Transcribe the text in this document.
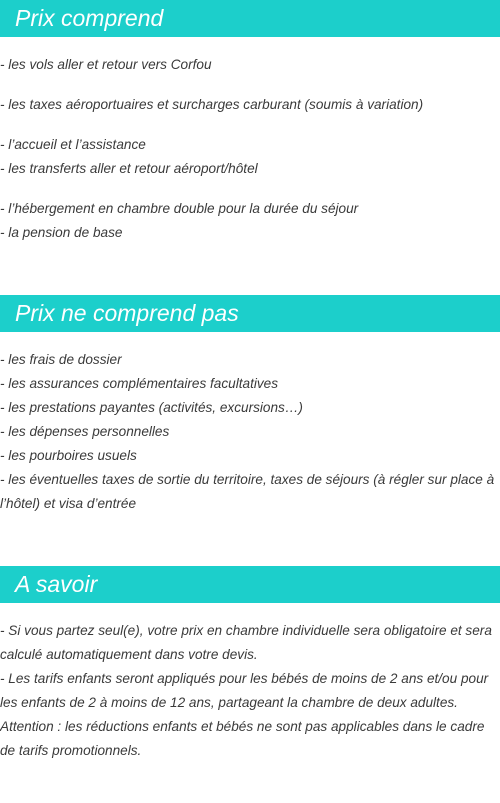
Prix comprend
- les vols aller et retour vers Corfou
- les taxes aéroportuaires et surcharges carburant (soumis à variation)
- l’accueil et l’assistance
- les transferts aller et retour aéroport/hôtel
- l’hébergement en chambre double pour la durée du séjour
- la pension de base
Prix ne comprend pas
- les frais de dossier
- les assurances complémentaires facultatives
- les prestations payantes (activités, excursions…)
- les dépenses personnelles
- les pourboires usuels
- les éventuelles taxes de sortie du territoire, taxes de séjours (à régler sur place à l’hôtel) et visa d’entrée
A savoir
- Si vous partez seul(e), votre prix en chambre individuelle sera obligatoire et sera calculé automatiquement dans votre devis.
- Les tarifs enfants seront appliqués pour les bébés de moins de 2 ans et/ou pour les enfants de 2 à moins de 12 ans, partageant la chambre de deux adultes.
Attention : les réductions enfants et bébés ne sont pas applicables dans le cadre de tarifs promotionnels.
